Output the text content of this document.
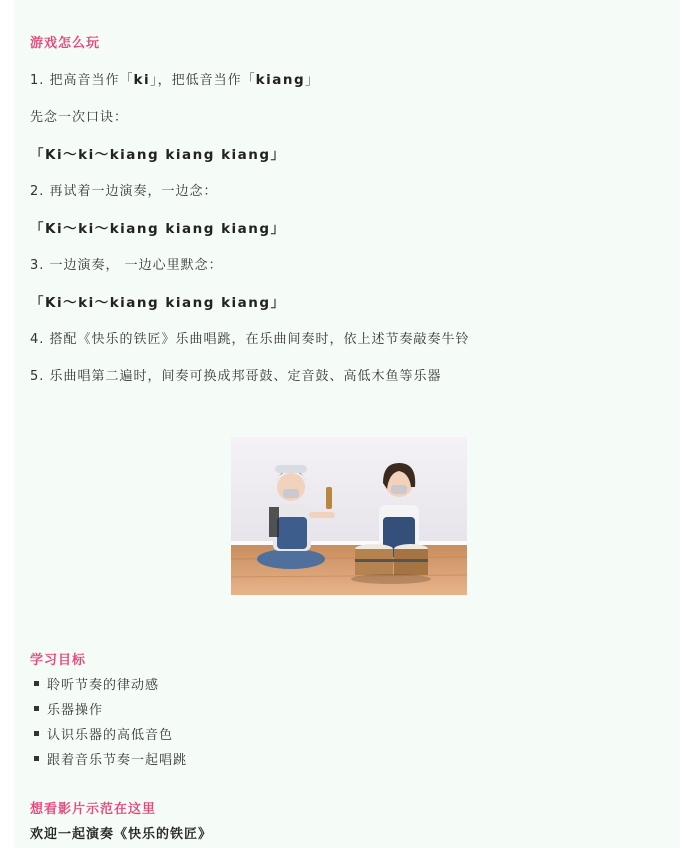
游戏怎么玩
1. 把高音当作「ki」，把低音当作「kiang」
先念一次口诀：
「Ki～ki～kiang kiang kiang」
2. 再试着一边演奏，一边念：
「Ki～ki～kiang kiang kiang」
3. 一边演奏， 一边心里默念：
「Ki～ki～kiang kiang kiang」
4. 搭配《快乐的铁匠》乐曲唱跳，在乐曲间奏时，依上述节奏敲奏牛铃
5. 乐曲唱第二遍时，间奏可换成邦哥鼓、定音鼓、高低木鱼等乐器
学习目标
聆听节奏的律动感
乐器操作
认识乐器的高低音色
跟着音乐节奏一起唱跳
想看影片示范在这里
欢迎一起演奏《快乐的铁匠》
